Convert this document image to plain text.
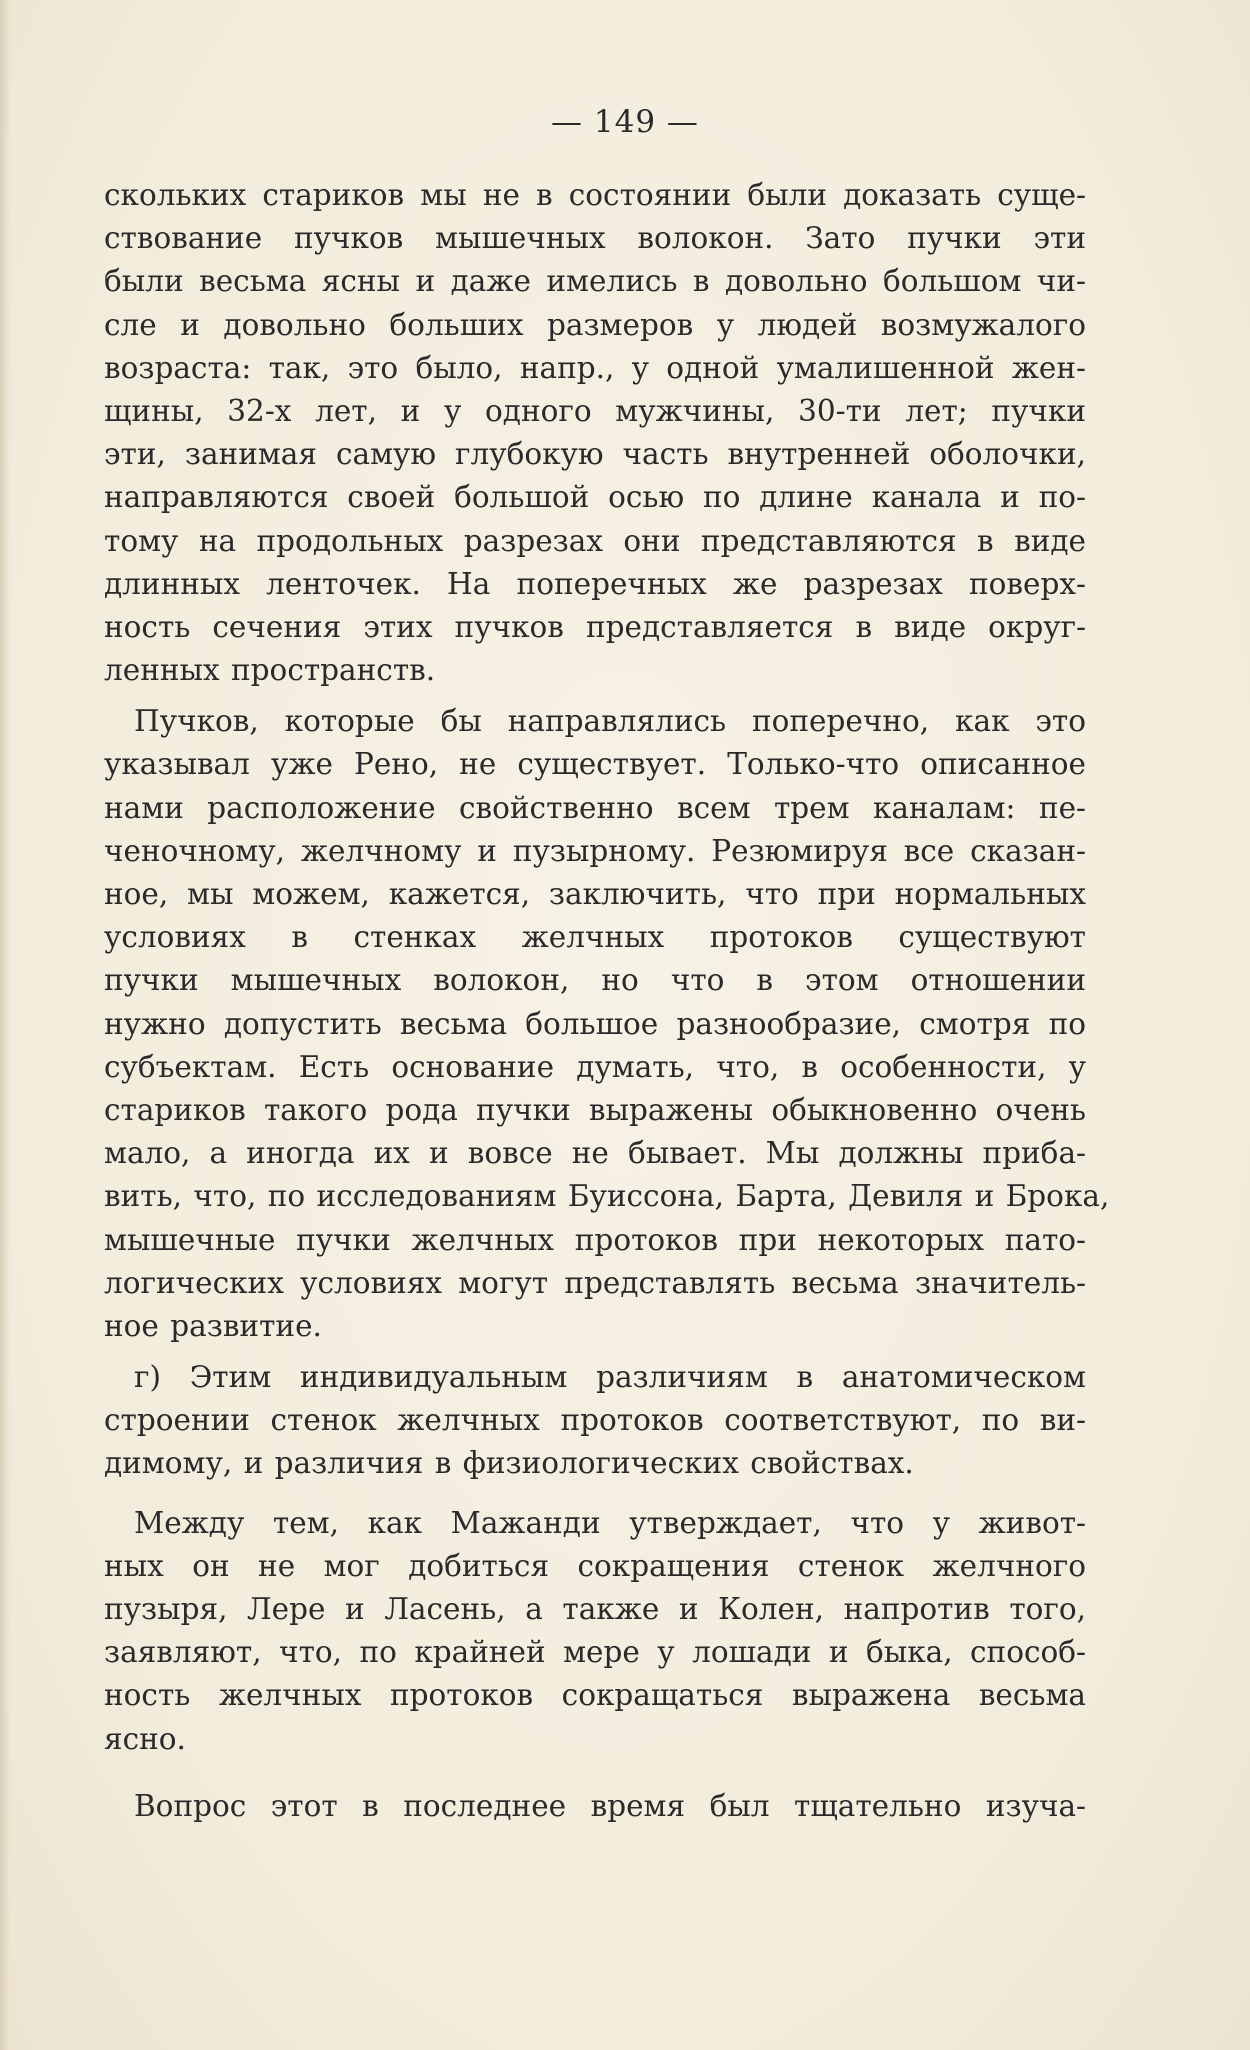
— 149 —
скольких стариков мы не в состоянии были доказать суще-
ствование пучков мышечных волокон. Зато пучки эти
были весьма ясны и даже имелись в довольно большом чи-
сле и довольно больших размеров у людей возмужалого
возраста: так, это было, напр., у одной умалишенной жен-
щины, 32-х лет, и у одного мужчины, 30-ти лет; пучки
эти, занимая самую глубокую часть внутренней оболочки,
направляются своей большой осью по длине канала и по-
тому на продольных разрезах они представляются в виде
длинных ленточек. На поперечных же разрезах поверх-
ность сечения этих пучков представляется в виде округ-
ленных пространств.
Пучков, которые бы направлялись поперечно, как это
указывал уже Рено, не существует. Только-что описанное
нами расположение свойственно всем трем каналам: пе-
ченочному, желчному и пузырному. Резюмируя все сказан-
ное, мы можем, кажется, заключить, что при нормальных
условиях в стенках желчных протоков существуют
пучки мышечных волокон, но что в этом отношении
нужно допустить весьма большое разнообразие, смотря по
субъектам. Есть основание думать, что, в особенности, у
стариков такого рода пучки выражены обыкновенно очень
мало, а иногда их и вовсе не бывает. Мы должны приба-
вить, что, по исследованиям Буиссона, Барта, Девиля и Брока,
мышечные пучки желчных протоков при некоторых пато-
логических условиях могут представлять весьма значитель-
ное развитие.
г) Этим индивидуальным различиям в анатомическом
строении стенок желчных протоков соответствуют, по ви-
димому, и различия в физиологических свойствах.
Между тем, как Мажанди утверждает, что у живот-
ных он не мог добиться сокращения стенок желчного
пузыря, Лере и Ласень, а также и Колен, напротив того,
заявляют, что, по крайней мере у лошади и быка, способ-
ность желчных протоков сокращаться выражена весьма
ясно.
Вопрос этот в последнее время был тщательно изуча-
